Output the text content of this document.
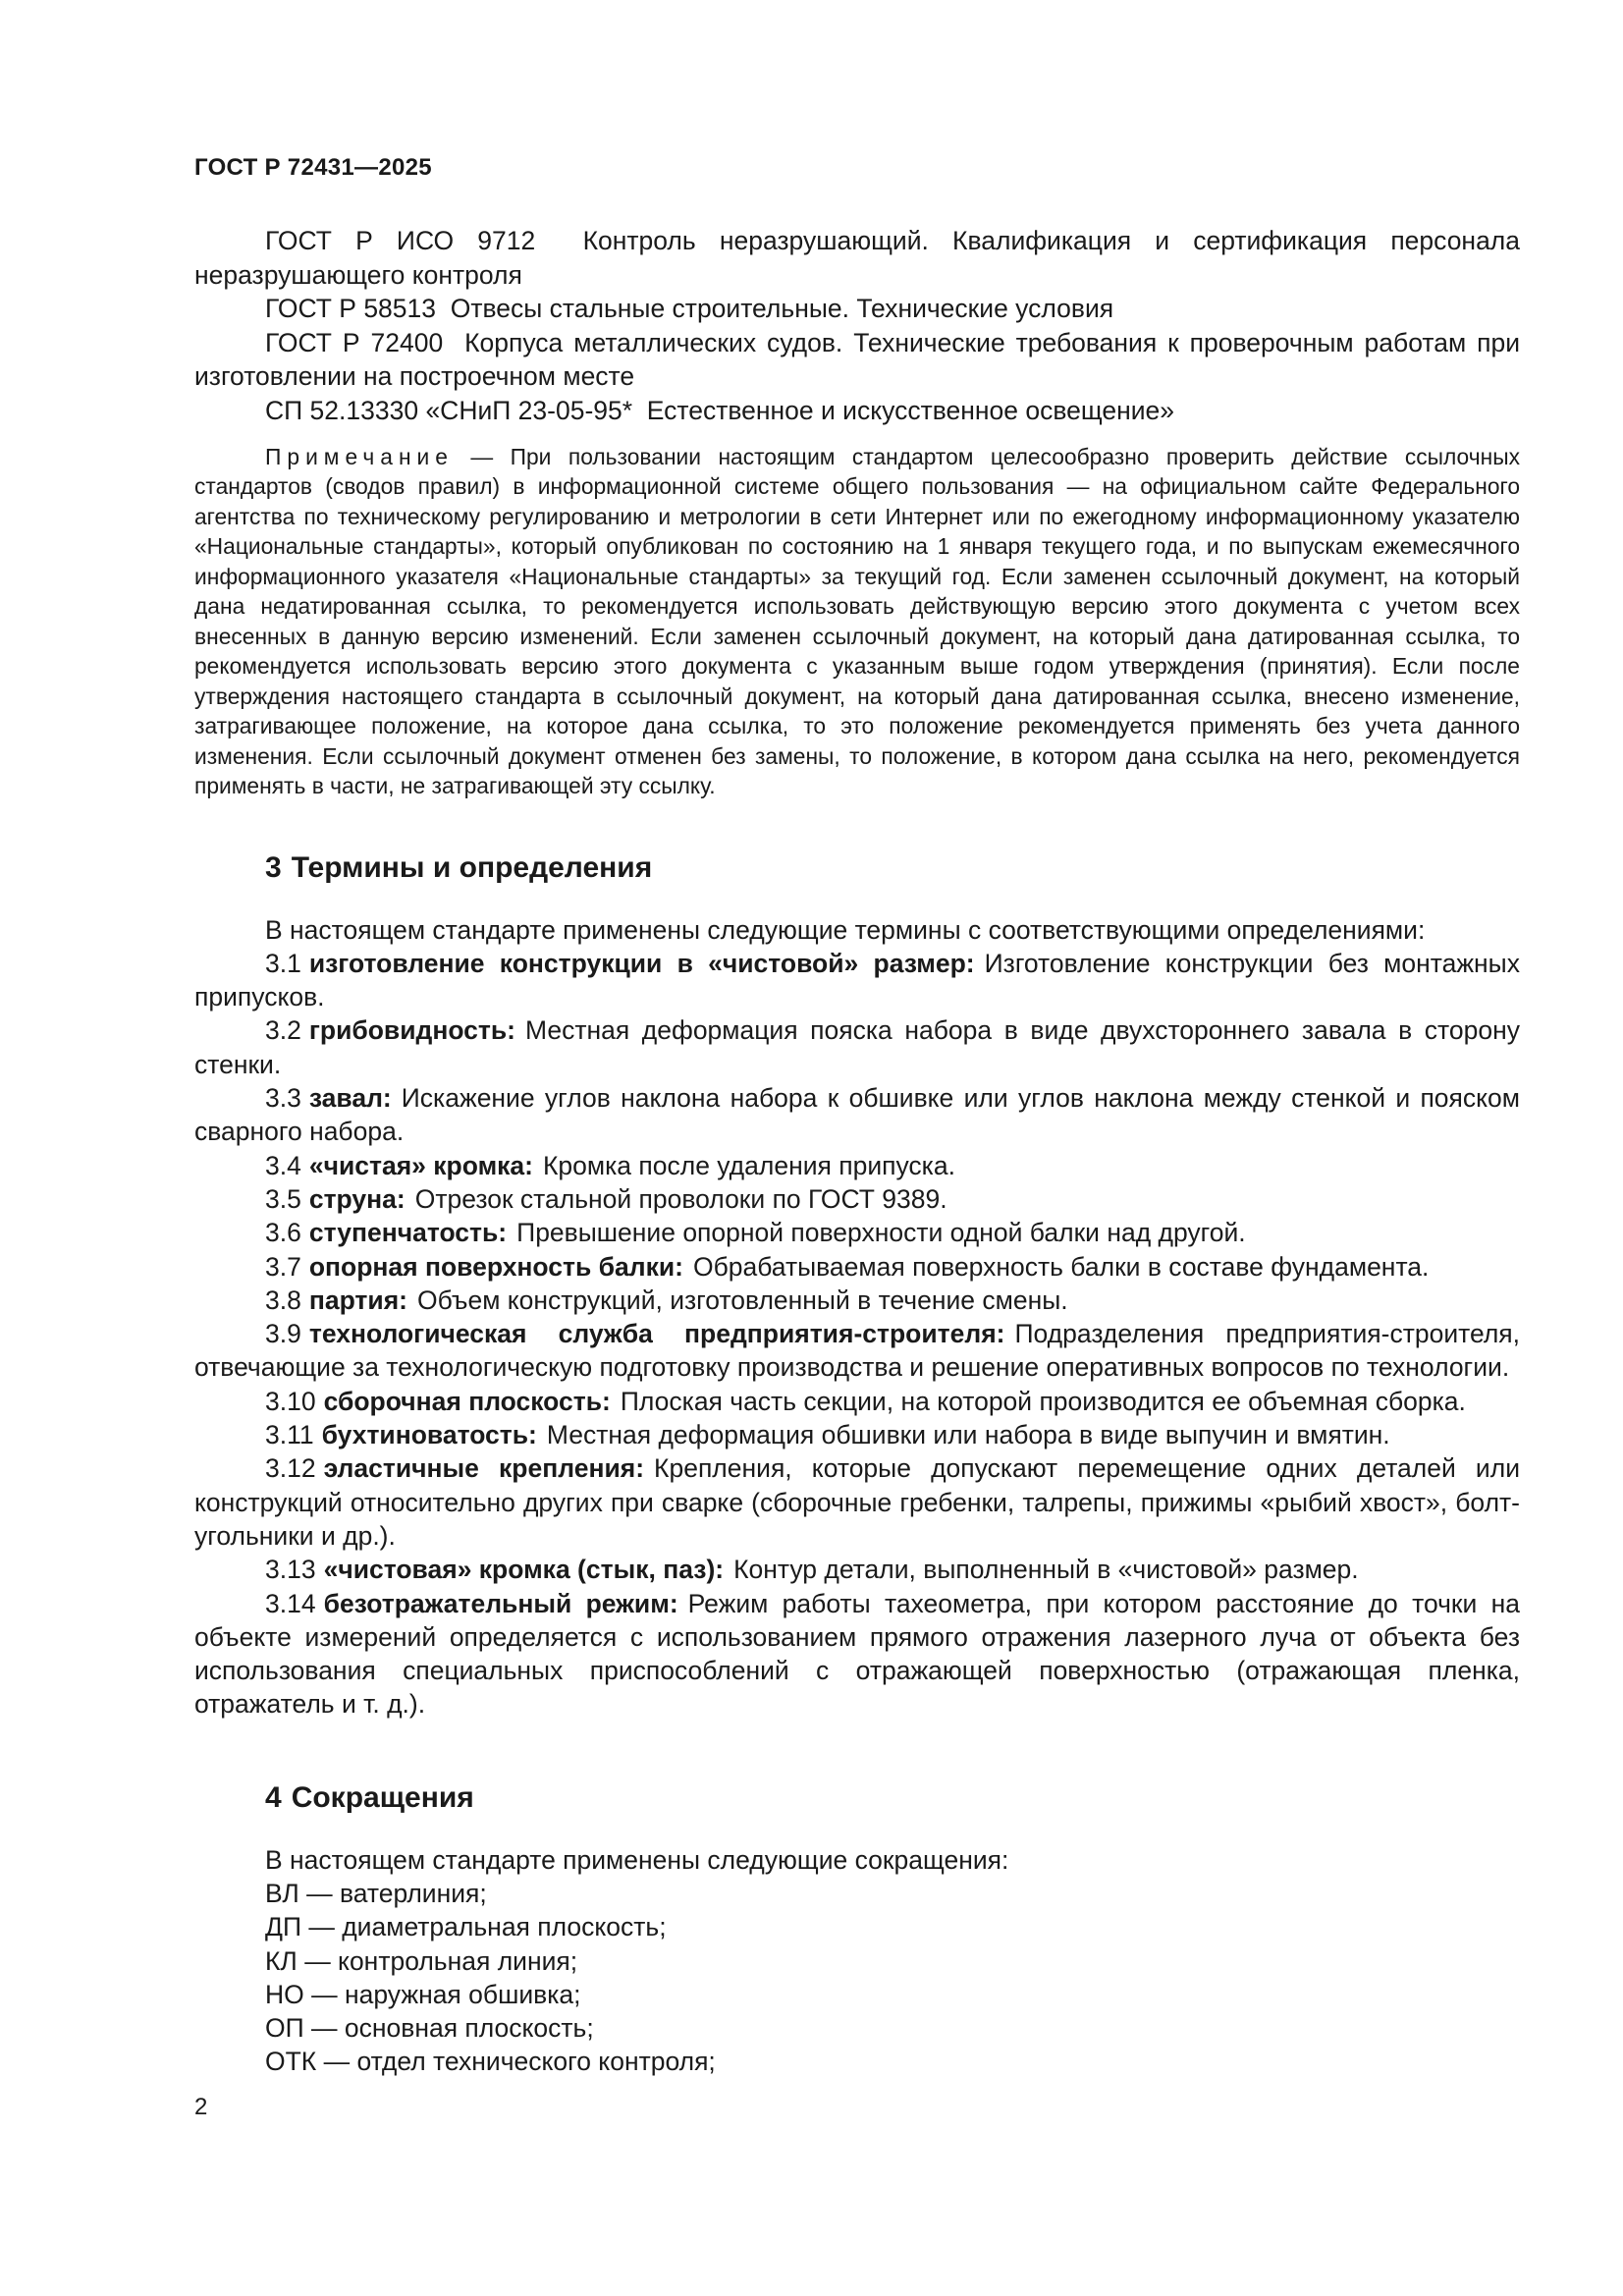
ГОСТ Р 72431—2025

ГОСТ Р ИСО 9712 Контроль неразрушающий. Квалификация и сертификация персонала неразрушающего контроля

ГОСТ Р 58513 Отвесы стальные строительные. Технические условия

ГОСТ Р 72400 Корпуса металлических судов. Технические требования к проверочным работам при изготовлении на построечном месте

СП 52.13330 «СНиП 23-05-95* Естественное и искусственное освещение»

Примечание — При пользовании настоящим стандартом целесообразно проверить действие ссылочных стандартов (сводов правил) в информационной системе общего пользования — на официальном сайте Федерального агентства по техническому регулированию и метрологии в сети Интернет или по ежегодному информационному указателю «Национальные стандарты», который опубликован по состоянию на 1 января текущего года, и по выпускам ежемесячного информационного указателя «Национальные стандарты» за текущий год. Если заменен ссылочный документ, на который дана недатированная ссылка, то рекомендуется использовать действующую версию этого документа с учетом всех внесенных в данную версию изменений. Если заменен ссылочный документ, на который дана датированная ссылка, то рекомендуется использовать версию этого документа с указанным выше годом утверждения (принятия). Если после утверждения настоящего стандарта в ссылочный документ, на который дана датированная ссылка, внесено изменение, затрагивающее положение, на которое дана ссылка, то это положение рекомендуется применять без учета данного изменения. Если ссылочный документ отменен без замены, то положение, в котором дана ссылка на него, рекомендуется применять в части, не затрагивающей эту ссылку.

3 Термины и определения

В настоящем стандарте применены следующие термины с соответствующими определениями:

3.1 изготовление конструкции в «чистовой» размер: Изготовление конструкции без монтажных припусков.

3.2 грибовидность: Местная деформация пояска набора в виде двухстороннего завала в сторону стенки.

3.3 завал: Искажение углов наклона набора к обшивке или углов наклона между стенкой и пояском сварного набора.

3.4 «чистая» кромка: Кромка после удаления припуска.

3.5 струна: Отрезок стальной проволоки по ГОСТ 9389.

3.6 ступенчатость: Превышение опорной поверхности одной балки над другой.

3.7 опорная поверхность балки: Обрабатываемая поверхность балки в составе фундамента.

3.8 партия: Объем конструкций, изготовленный в течение смены.

3.9 технологическая служба предприятия-строителя: Подразделения предприятия-строителя, отвечающие за технологическую подготовку производства и решение оперативных вопросов по технологии.

3.10 сборочная плоскость: Плоская часть секции, на которой производится ее объемная сборка.

3.11 бухтиноватость: Местная деформация обшивки или набора в виде выпучин и вмятин.

3.12 эластичные крепления: Крепления, которые допускают перемещение одних деталей или конструкций относительно других при сварке (сборочные гребенки, талрепы, прижимы «рыбий хвост», болт-угольники и др.).

3.13 «чистовая» кромка (стык, паз): Контур детали, выполненный в «чистовой» размер.

3.14 безотражательный режим: Режим работы тахеометра, при котором расстояние до точки на объекте измерений определяется с использованием прямого отражения лазерного луча от объекта без использования специальных приспособлений с отражающей поверхностью (отражающая пленка, отражатель и т. д.).

4 Сокращения

В настоящем стандарте применены следующие сокращения:

ВЛ — ватерлиния;

ДП — диаметральная плоскость;

КЛ — контрольная линия;

НО — наружная обшивка;

ОП — основная плоскость;

ОТК — отдел технического контроля;

2
